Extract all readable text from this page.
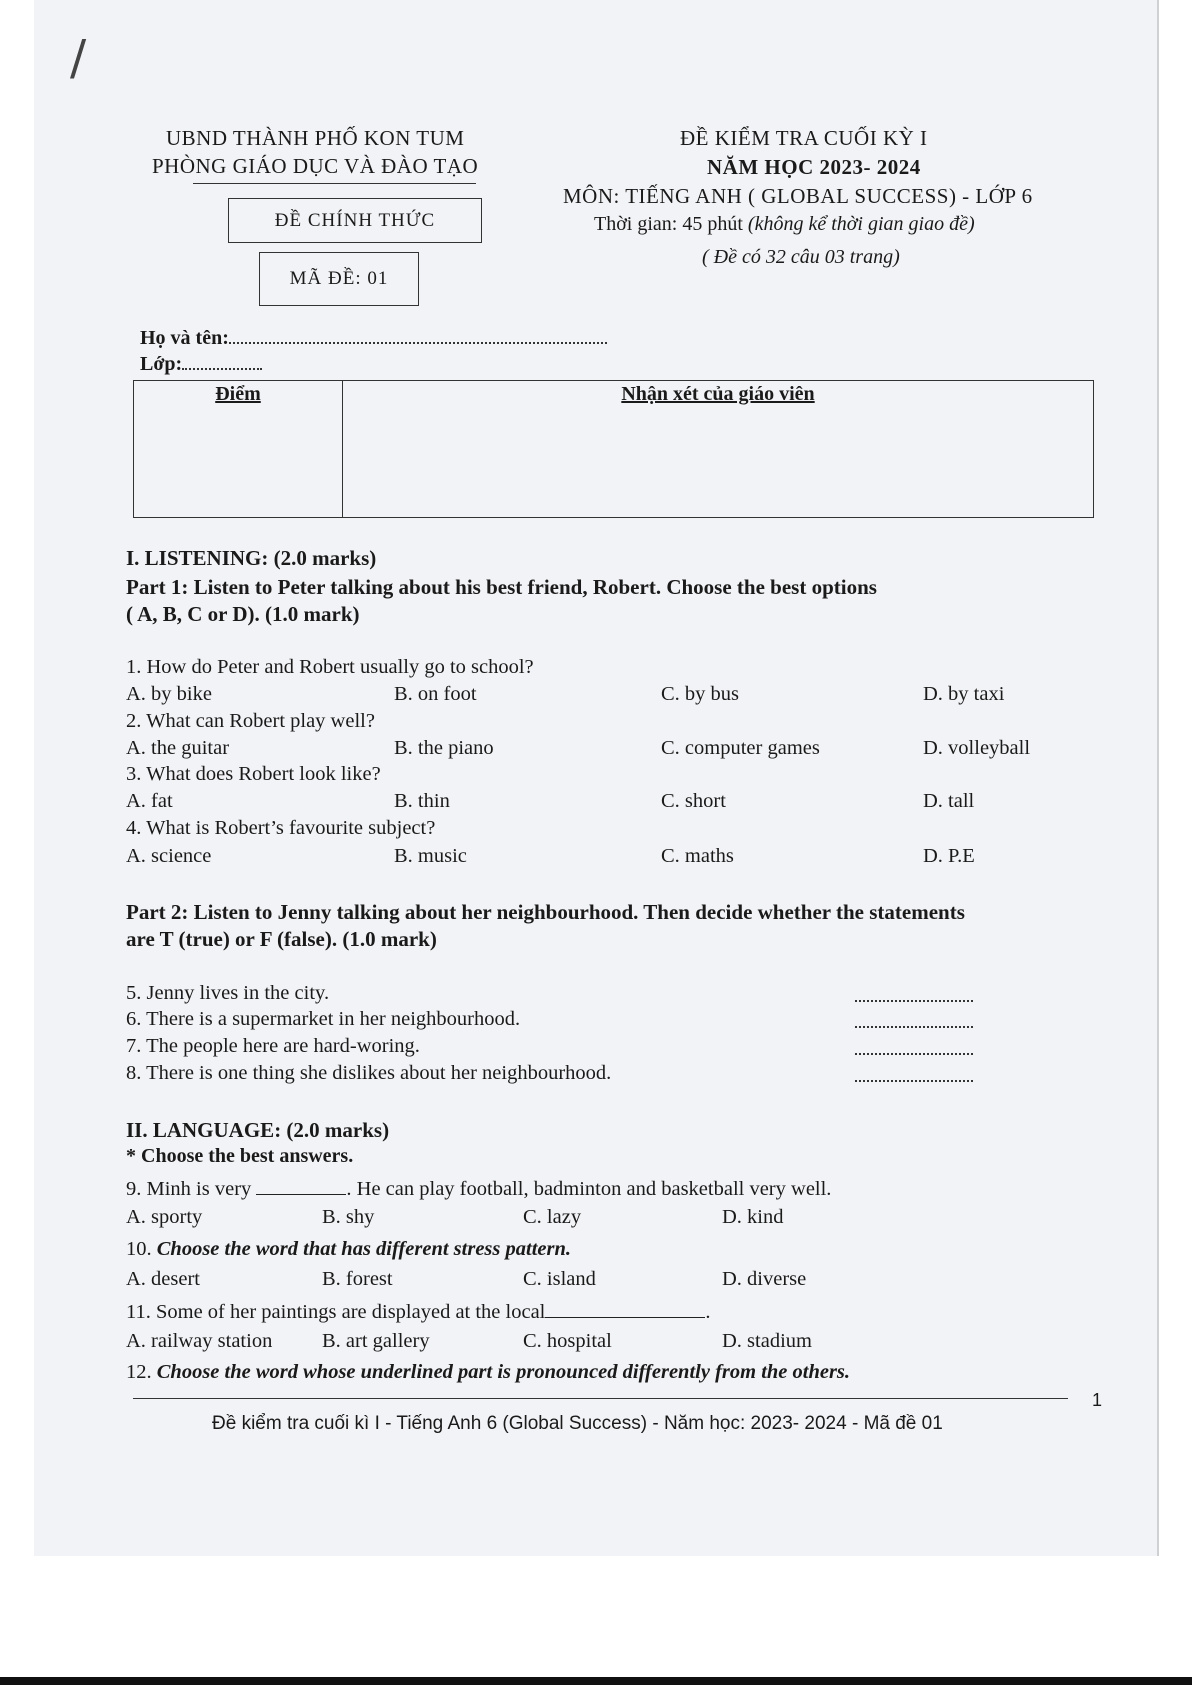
/
UBND THÀNH PHỐ KON TUM
PHÒNG GIÁO DỤC VÀ ĐÀO TẠO
ĐỀ CHÍNH THỨC
MÃ ĐỀ: 01
ĐỀ KIỂM TRA CUỐI KỲ I
NĂM HỌC 2023- 2024
MÔN: TIẾNG ANH ( GLOBAL SUCCESS) - LỚP 6
Thời gian: 45 phút (không kể thời gian giao đề)
( Đề có 32 câu 03 trang)
Họ và tên:
Lớp:
Điểm	Nhận xét của giáo viên
I. LISTENING: (2.0 marks)
Part 1: Listen to Peter talking about his best friend, Robert. Choose the best options
( A, B, C or D). (1.0 mark)
1. How do Peter and Robert usually go to school?
A. by bike	B. on foot	C. by bus	D. by taxi
2. What can Robert play well?
A. the guitar	B. the piano	C. computer games	D. volleyball
3. What does Robert look like?
A. fat	B. thin	C. short	D. tall
4. What is Robert’s favourite subject?
A. science	B. music	C. maths	D. P.E
Part 2: Listen to Jenny talking about her neighbourhood. Then decide whether the statements
are T (true) or F (false). (1.0 mark)
5. Jenny lives in the city.
6. There is a supermarket in her neighbourhood.
7. The people here are hard-woring.
8. There is one thing she dislikes about her neighbourhood.
II. LANGUAGE: (2.0 marks)
* Choose the best answers.
9. Minh is very	. He can play football, badminton and basketball very well.
A. sporty	B. shy	C. lazy	D. kind
10. Choose the word that has different stress pattern.
A. desert	B. forest	C. island	D. diverse
11. Some of her paintings are displayed at the local	.
A. railway station B. art gallery	C. hospital	D. stadium
12. Choose the word whose underlined part is pronounced differently from the others.
1
Đề kiểm tra cuối kì I - Tiếng Anh 6 (Global Success) - Năm học: 2023- 2024 - Mã đề 01
